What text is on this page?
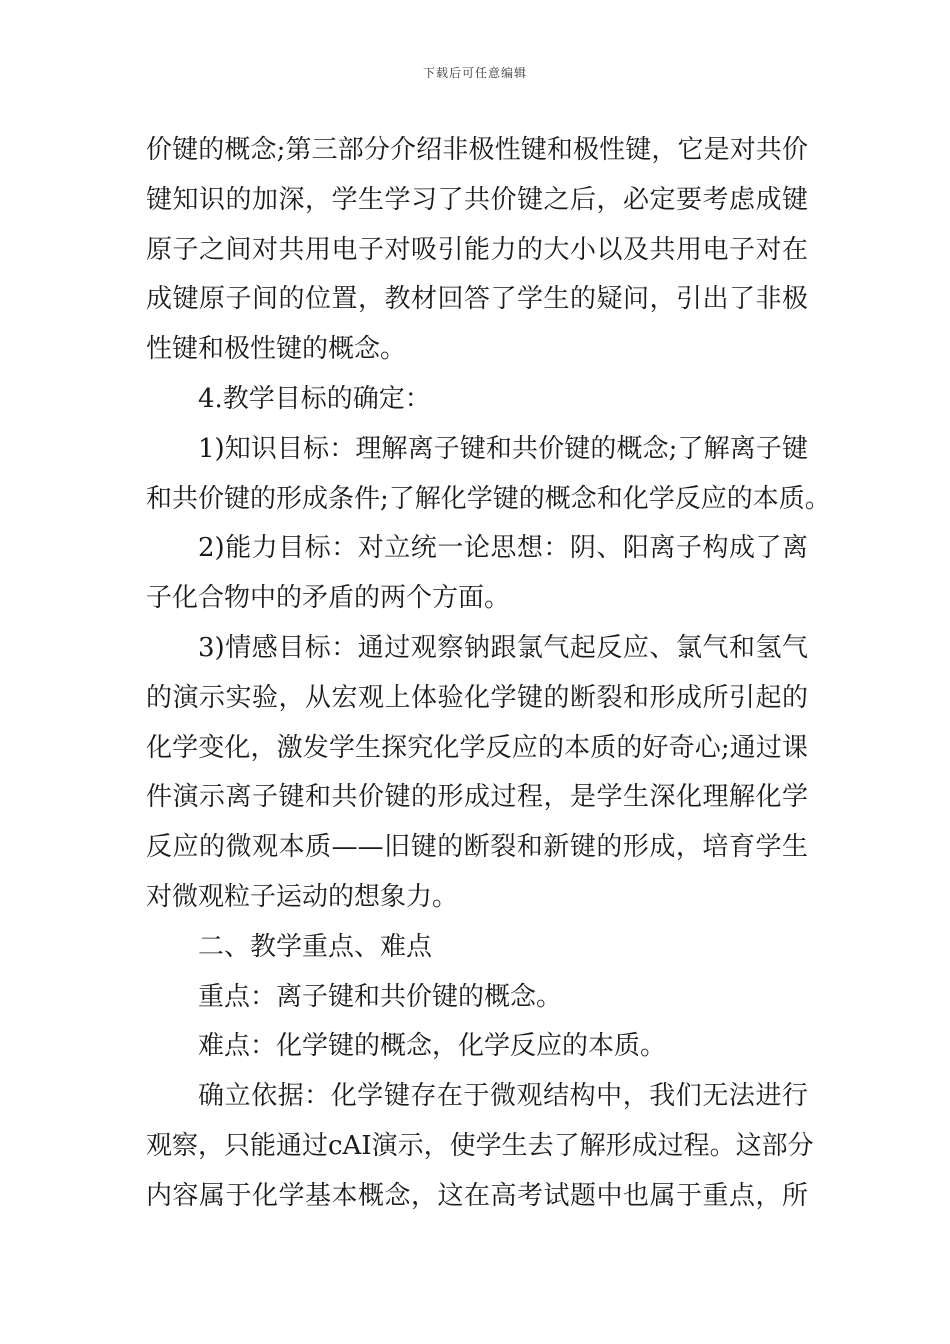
下载后可任意编辑
价键的概念;第三部分介绍非极性键和极性键，它是对共价
键知识的加深，学生学习了共价键之后，必定要考虑成键
原子之间对共用电子对吸引能力的大小以及共用电子对在
成键原子间的位置，教材回答了学生的疑问，引出了非极
性键和极性键的概念。
4.教学目标的确定：
1)知识目标：理解离子键和共价键的概念;了解离子键
和共价键的形成条件;了解化学键的概念和化学反应的本质。
2)能力目标：对立统一论思想：阴、阳离子构成了离
子化合物中的矛盾的两个方面。
3)情感目标：通过观察钠跟氯气起反应、氯气和氢气
的演示实验，从宏观上体验化学键的断裂和形成所引起的
化学变化，激发学生探究化学反应的本质的好奇心;通过课
件演示离子键和共价键的形成过程，是学生深化理解化学
反应的微观本质——旧键的断裂和新键的形成，培育学生
对微观粒子运动的想象力。
二、教学重点、难点
重点：离子键和共价键的概念。
难点：化学键的概念，化学反应的本质。
确立依据：化学键存在于微观结构中，我们无法进行
观察，只能通过cAI演示，使学生去了解形成过程。这部分
内容属于化学基本概念，这在高考试题中也属于重点，所
